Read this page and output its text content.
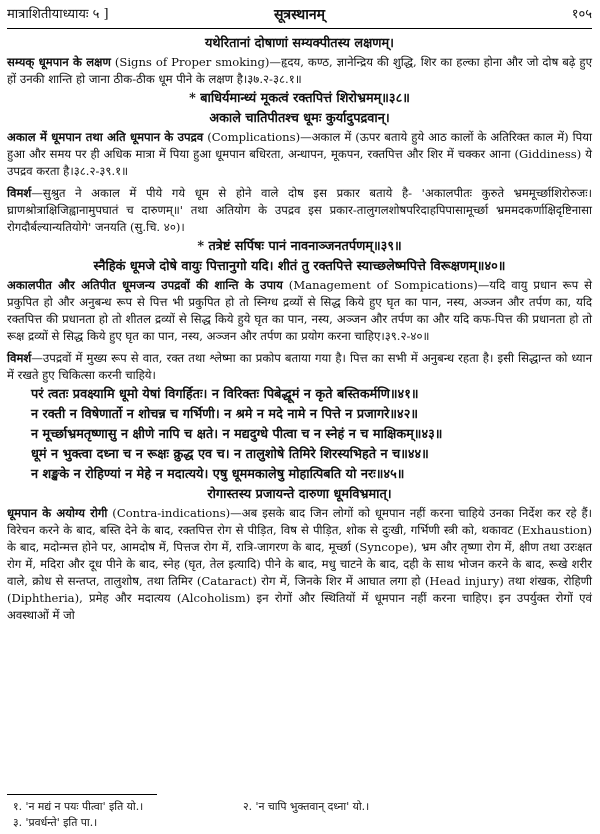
मात्राशितीयाध्यायः ५ ]	सूत्रस्थानम्	१०५
यथेरितानां दोषाणां सम्यक्पीतस्य लक्षणम्।

सम्यक् धूमपान के लक्षण (Signs of Proper smoking)—हृदय, कण्ठ, ज्ञानेन्द्रिय की शुद्धि, शिर का हल्का होना और जो दोष बढ़े हुए हों उनकी शान्ति हो जाना ठीक-ठीक धूम पीने के लक्षण है।३७.२-३८.१॥

* बाधिर्यमान्ध्यं मूकत्वं रक्तपित्तं शिरोभ्रमम्॥३८॥
अकाले चातिपीतश्च धूमः कुर्यादुपद्रवान्।

अकाल में धूमपान तथा अति धूमपान के उपद्रव (Complications)—अकाल में (ऊपर बताये हुये आठ कालों के अतिरिक्त काल में) पिया हुआ और समय पर ही अधिक मात्रा में पिया हुआ धूमपान बधिरता, अन्धापन, मूकपन, रक्तपित्त और शिर में चक्कर आना (Giddiness) ये उपद्रव करता है।३८.२-३९.१॥

विमर्श—सुश्रुत ने अकाल में पीये गये धूम से होने वाले दोष इस प्रकार बताये है- 'अकालपीतः कुरुते भ्रममूर्च्छाशिरोरुजः। घ्राणश्रोत्राक्षिजिह्वानामुपघातं च दारुणम्॥' तथा अतियोग के उपद्रव इस प्रकार-तालुगलशोषपरिदाहपिपासामूर्च्छा भ्रममदकर्णाक्षिदृष्टिनासा रोगदौर्बल्यान्यतियोगे' जनयति (सु.चि. ४०)।

* तत्रेष्टं सर्पिषः पानं नावनाञ्जनतर्पणम्॥३९॥
स्नैहिकं धूमजे दोषे वायुः पित्तानुगो यदि। शीतं तु रक्तपित्ते स्याच्छलेष्मपित्ते विरूक्षणम्॥४०॥

अकालपीत और अतिपीत धूमजन्य उपद्रवों की शान्ति के उपाय (Management of Sompications)—यदि वायु प्रधान रूप से प्रकुपित हो और अनुबन्ध रूप से पित्त भी प्रकुपित हो तो स्निग्ध द्रव्यों से सिद्ध किये हुए घृत का पान, नस्य, अञ्जन और तर्पण का, यदि रक्तपित्त की प्रधानता हो तो शीतल द्रव्यों से सिद्ध किये हुये घृत का पान, नस्य, अञ्जन और तर्पण का और यदि कफ-पित्त की प्रधानता हो तो रूक्ष द्रव्यों से सिद्ध किये हुए घृत का पान, नस्य, अञ्जन और तर्पण का प्रयोग करना चाहिए।३९.२-४०॥

विमर्श—उपद्रवों में मुख्य रूप से वात, रक्त तथा श्लेष्मा का प्रकोप बताया गया है। पित्त का सभी में अनुबन्ध रहता है। इसी सिद्धान्त को ध्यान में रखते हुए चिकित्सा करनी चाहिये।

परं त्वतः प्रवक्ष्यामि धूमो येषां विगर्हितः। न विरिक्तः पिबेद्धूमं न कृते बस्तिकर्मणि॥४१॥
न रक्ती न विषेणार्तो न शोचन्न च गर्भिणी। न श्रमे न मदे नामे न पित्ते न प्रजागरे॥४२॥
न मूर्च्छाभ्रमतृष्णासु न क्षीणे नापि च क्षते। न मद्यदुग्धे पीत्वा च न स्नेहं न च माक्षिकम्॥४३॥
धूमं न भुक्त्वा दध्ना च न रूक्षः क्रुद्ध एव च। न तालुशोषे तिमिरे शिरस्यभिहते न च॥४४॥
न शङ्खके न रोहिण्यां न मेहे न मदात्यये। एषु धूममकालेषु मोहात्पिबति यो नरः॥४५॥
रोगास्तस्य प्रजायन्ते दारुणा धूमविभ्रमात्।

धूमपान के अयोग्य रोगी (Contra-indications)—अब इसके बाद जिन लोगों को धूमपान नहीं करना चाहिये उनका निर्देश कर रहे हैं। विरेचन करने के बाद, बस्ति देने के बाद, रक्तपित्त रोग से पीड़ित, विष से पीड़ित, शोक से दुःखी, गर्भिणी स्त्री को, थकावट (Exhaustion) के बाद, मदोन्मत्त होने पर, आमदोष में, पित्तज रोग में, रात्रि-जागरण के बाद, मूर्च्छा (Syncope), भ्रम और तृष्णा रोग में, क्षीण तथा उरःक्षत रोग में, मदिरा और दूध पीने के बाद, स्नेह (घृत, तेल इत्यादि) पीने के बाद, मधु चाटने के बाद, दही के साथ भोजन करने के बाद, रूखे शरीर वाले, क्रोध से सन्तप्त, तालुशोष, तथा तिमिर (Cataract) रोग में, जिनके शिर में आघात लगा हो (Head injury) तथा शंखक, रोहिणी (Diphtheria), प्रमेह और मदात्यय (Alcoholism) इन रोगों और स्थितियों में धूमपान नहीं करना चाहिए। इन उपर्युक्त रोगों एवं अवस्थाओं में जो

१. 'न मद्यं न पयः पीत्वा' इति यो.।	२. 'न चापि भुक्तवान् दध्ना' यो.।
३. 'प्रवर्धन्ते' इति पा.।
